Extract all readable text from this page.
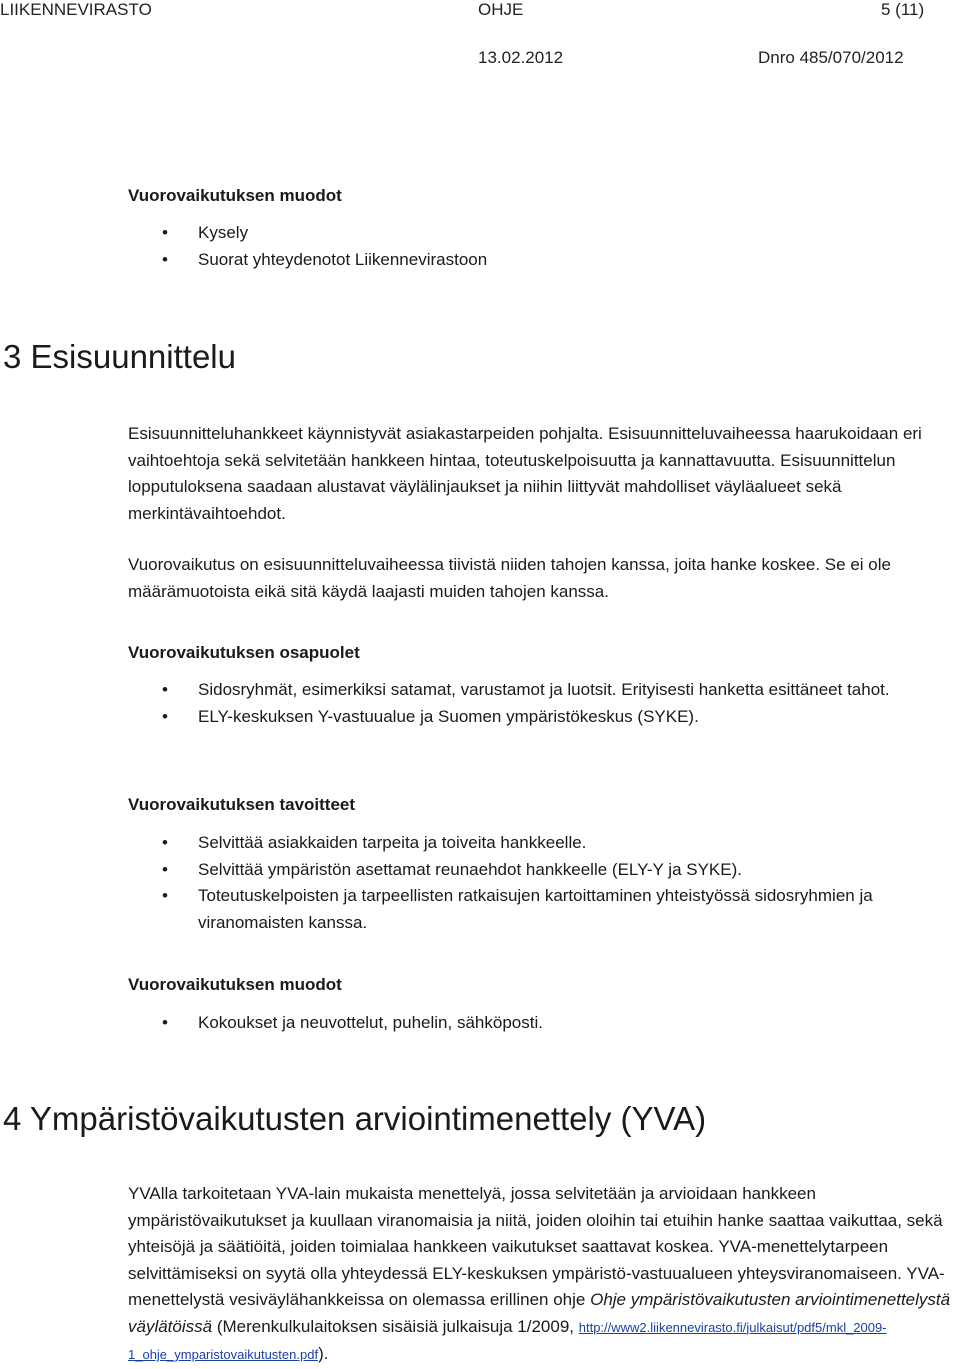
LIIKENNEVIRASTO	OHJE	5 (11)
13.02.2012	Dnro 485/070/2012
Vuorovaikutuksen muodot
• Kysely
• Suorat yhteydenotot Liikennevirastoon
3 Esisuunnittelu

Esisuunnitteluhankkeet käynnistyvät asiakastarpeiden pohjalta. Esisuunnitteluvaiheessa haarukoidaan eri vaihtoehtoja sekä selvitetään hankkeen hintaa, toteutuskelpoisuutta ja kannattavuutta. Esisuunnittelun lopputuloksena saadaan alustavat väylälinjaukset ja niihin liittyvät mahdolliset väyläalueet sekä merkintävaihtoehdot.

Vuorovaikutus on esisuunnitteluvaiheessa tiivistä niiden tahojen kanssa, joita hanke koskee. Se ei ole määrämuotoista eikä sitä käydä laajasti muiden tahojen kanssa.

Vuorovaikutuksen osapuolet
• Sidosryhmät, esimerkiksi satamat, varustamot ja luotsit. Erityisesti hanketta esittäneet tahot.
• ELY-keskuksen Y-vastuualue ja Suomen ympäristökeskus (SYKE).
Vuorovaikutuksen tavoitteet
• Selvittää asiakkaiden tarpeita ja toiveita hankkeelle.
• Selvittää ympäristön asettamat reunaehdot hankkeelle (ELY-Y ja SYKE).
• Toteutuskelpoisten ja tarpeellisten ratkaisujen kartoittaminen yhteistyössä sidosryhmien ja viranomaisten kanssa.
Vuorovaikutuksen muodot
• Kokoukset ja neuvottelut, puhelin, sähköposti.
4 Ympäristövaikutusten arviointimenettely (YVA)

YVAlla tarkoitetaan YVA-lain mukaista menettelyä, jossa selvitetään ja arvioidaan hankkeen ympäristövaikutukset ja kuullaan viranomaisia ja niitä, joiden oloihin tai etuihin hanke saattaa vaikuttaa, sekä yhteisöjä ja säätiöitä, joiden toimialaa hankkeen vaikutukset saattavat koskea. YVA-menettelytarpeen selvittämiseksi on syytä olla yhteydessä ELY-keskuksen ympäristö-vastuualueen yhteysviranomaiseen. YVA-menettelystä vesiväylähankkeissa on olemassa erillinen ohje Ohje ympäristövaikutusten arviointimenettelystä väylätöissä (Merenkulkulaitoksen sisäisiä julkaisuja 1/2009, http://www2.liikennevirasto.fi/julkaisut/pdf5/mkl_2009-1_ohje_ymparistovaikutusten.pdf).
